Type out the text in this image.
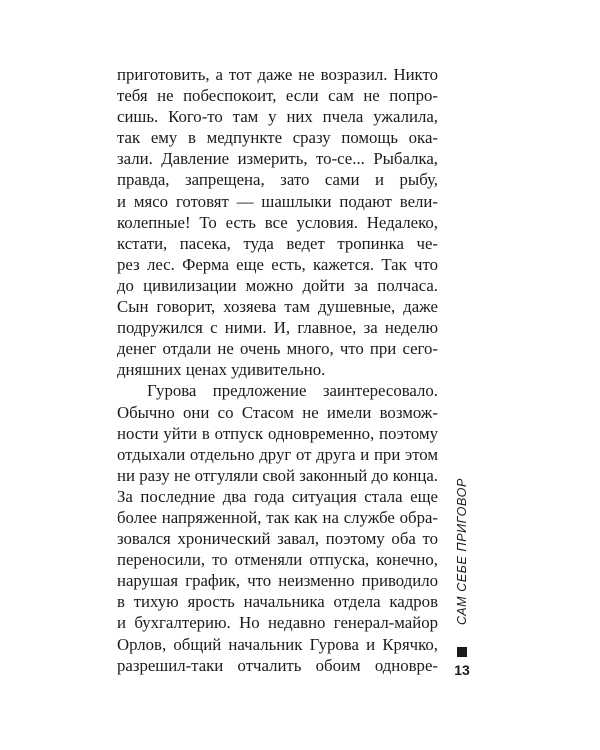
приготовить, а тот даже не возразил. Никто
тебя не побеспокоит, если сам не попро-
сишь. Кого-то там у них пчела ужалила,
так ему в медпункте сразу помощь ока-
зали. Давление измерить, то-се... Рыбалка,
правда, запрещена, зато сами и рыбу,
и мясо готовят — шашлыки подают вели-
колепные! То есть все условия. Недалеко,
кстати, пасека, туда ведет тропинка че-
рез лес. Ферма еще есть, кажется. Так что
до цивилизации можно дойти за полчаса.
Сын говорит, хозяева там душевные, даже
подружился с ними. И, главное, за неделю
денег отдали не очень много, что при сего-
дняшних ценах удивительно.
Гурова предложение заинтересовало.
Обычно они со Стасом не имели возмож-
ности уйти в отпуск одновременно, поэтому
отдыхали отдельно друг от друга и при этом
ни разу не отгуляли свой законный до конца.
За последние два года ситуация стала еще
более напряженной, так как на службе обра-
зовался хронический завал, поэтому оба то
переносили, то отменяли отпуска, конечно,
нарушая график, что неизменно приводило
в тихую ярость начальника отдела кадров
и бухгалтерию. Но недавно генерал-майор
Орлов, общий начальник Гурова и Крячко,
разрешил-таки отчалить обоим одновре-
САМ СЕБЕ ПРИГОВОР
13
